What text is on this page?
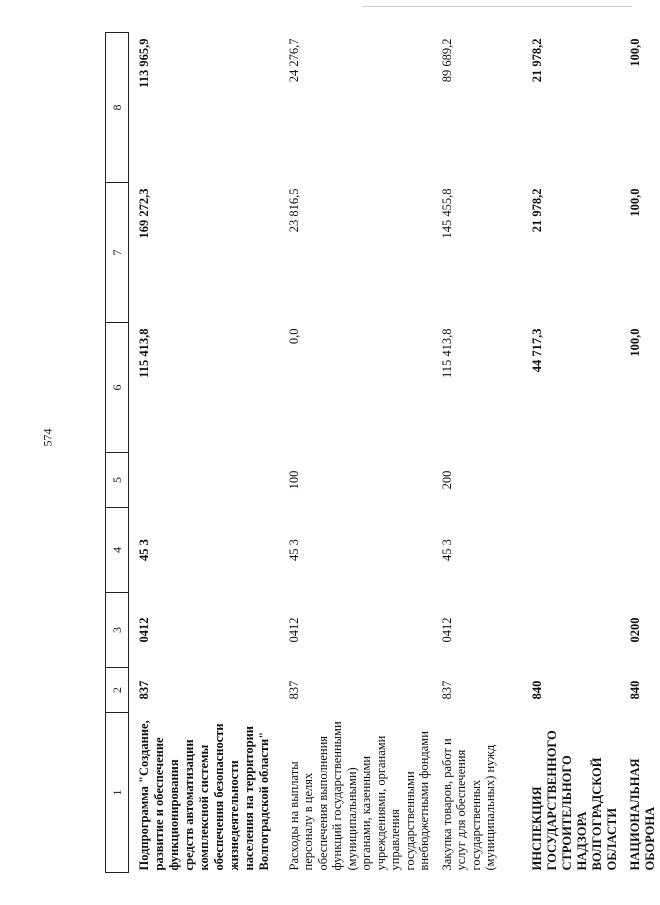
574
1	2	3	4	5	6	7	8
Подпрограмма "Создание, развитие и обеспечение функционирования средств автоматизации комплексной системы обеспечения безопасности жизнедеятельности населения на территории Волгоградской области"	837	0412	45 3		115 413,8	169 272,3	113 965,9
Расходы на выплаты персоналу в целях обеспечения выполнения функций государственными (муниципальными) органами, казенными учреждениями, органами управления государственными внебюджетными фондами	837	0412	45 3	100	0,0	23 816,5	24 276,7
Закупка товаров, работ и услуг для обеспечения государственных (муниципальных) нужд	837	0412	45 3	200	115 413,8	145 455,8	89 689,2
ИНСПЕКЦИЯ ГОСУДАРСТВЕННОГО СТРОИТЕЛЬНОГО НАДЗОРА ВОЛГОГРАДСКОЙ ОБЛАСТИ	840				44 717,3	21 978,2	21 978,2
НАЦИОНАЛЬНАЯ ОБОРОНА	840	0200			100,0	100,0	100,0
